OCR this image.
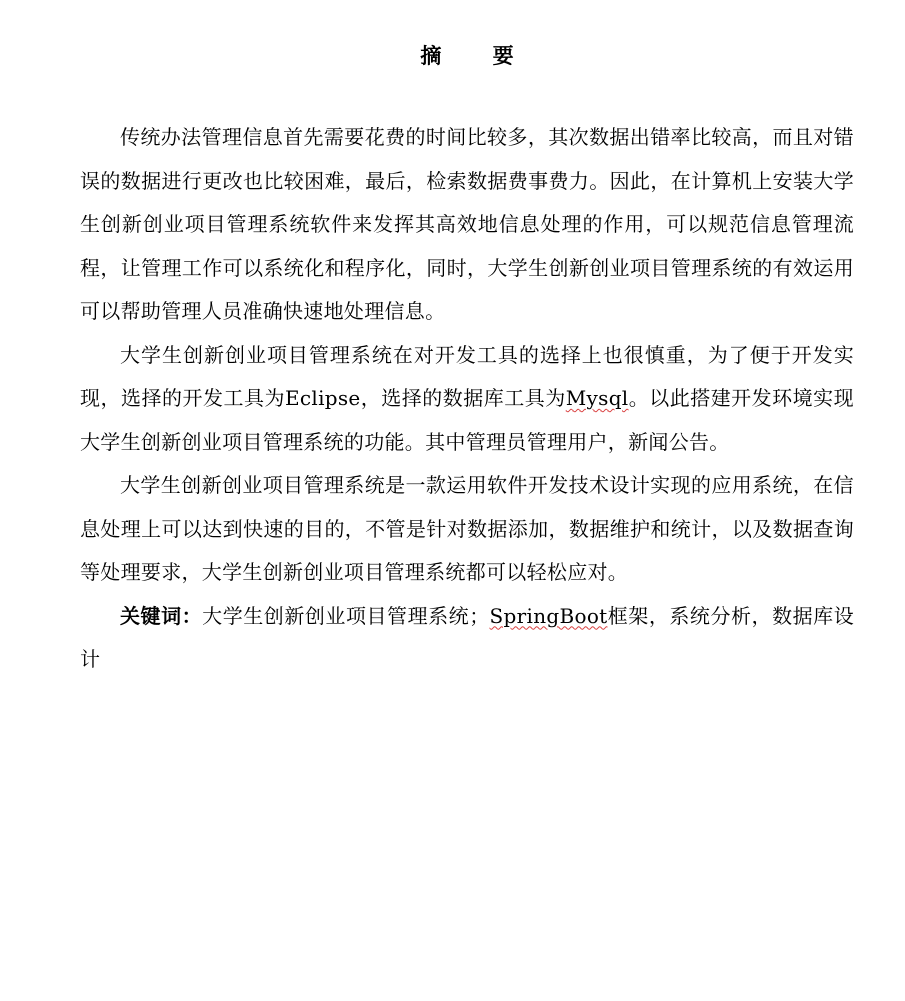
摘 要

传统办法管理信息首先需要花费的时间比较多，其次数据出错率比较高，而且对错误的数据进行更改也比较困难，最后，检索数据费事费力。因此，在计算机上安装大学生创新创业项目管理系统软件来发挥其高效地信息处理的作用，可以规范信息管理流程，让管理工作可以系统化和程序化，同时，大学生创新创业项目管理系统的有效运用可以帮助管理人员准确快速地处理信息。

大学生创新创业项目管理系统在对开发工具的选择上也很慎重，为了便于开发实现，选择的开发工具为Eclipse，选择的数据库工具为Mysql。以此搭建开发环境实现大学生创新创业项目管理系统的功能。其中管理员管理用户，新闻公告。

大学生创新创业项目管理系统是一款运用软件开发技术设计实现的应用系统，在信息处理上可以达到快速的目的，不管是针对数据添加，数据维护和统计，以及数据查询等处理要求，大学生创新创业项目管理系统都可以轻松应对。

关键词：大学生创新创业项目管理系统；SpringBoot框架，系统分析，数据库设计
